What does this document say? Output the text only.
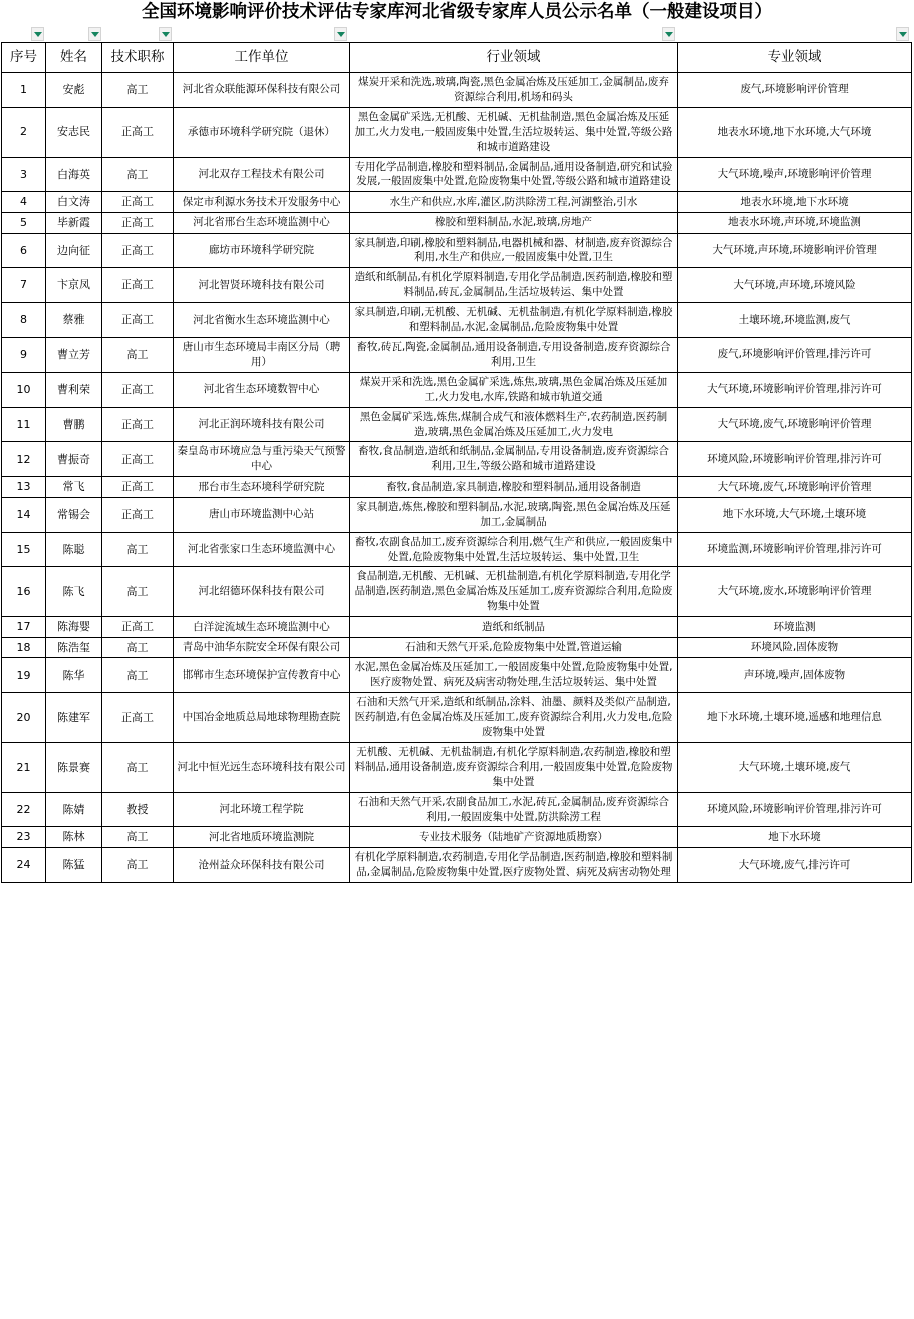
全国环境影响评价技术评估专家库河北省级专家库人员公示名单（一般建设项目）
序号	姓名	技术职称	工作单位	行业领域	专业领域
1	安彪	高工	河北省众联能源环保科技有限公司	煤炭开采和洗选,玻璃,陶瓷,黑色金属冶炼及压延加工,金属制品,废弃资源综合利用,机场和码头	废气,环境影响评价管理
2	安志民	正高工	承德市环境科学研究院（退休）	黑色金属矿采选,无机酸、无机碱、无机盐制造,黑色金属冶炼及压延加工,火力发电,一般固废集中处置,生活垃圾转运、集中处置,等级公路和城市道路建设	地表水环境,地下水环境,大气环境
3	白海英	高工	河北双存工程技术有限公司	专用化学品制造,橡胶和塑料制品,金属制品,通用设备制造,研究和试验发展,一般固废集中处置,危险废物集中处置,等级公路和城市道路建设	大气环境,噪声,环境影响评价管理
4	白文涛	正高工	保定市利源水务技术开发服务中心	水生产和供应,水库,灌区,防洪除涝工程,河湖整治,引水	地表水环境,地下水环境
5	毕新霞	正高工	河北省邢台生态环境监测中心	橡胶和塑料制品,水泥,玻璃,房地产	地表水环境,声环境,环境监测
6	边向征	正高工	廊坊市环境科学研究院	家具制造,印刷,橡胶和塑料制品,电器机械和器、材制造,废弃资源综合利用,水生产和供应,一般固废集中处置,卫生	大气环境,声环境,环境影响评价管理
7	卞京凤	正高工	河北智贤环境科技有限公司	造纸和纸制品,有机化学原料制造,专用化学品制造,医药制造,橡胶和塑料制品,砖瓦,金属制品,生活垃圾转运、集中处置	大气环境,声环境,环境风险
8	蔡雅	正高工	河北省衡水生态环境监测中心	家具制造,印刷,无机酸、无机碱、无机盐制造,有机化学原料制造,橡胶和塑料制品,水泥,金属制品,危险废物集中处置	土壤环境,环境监测,废气
9	曹立芳	高工	唐山市生态环境局丰南区分局（聘用）	畜牧,砖瓦,陶瓷,金属制品,通用设备制造,专用设备制造,废弃资源综合利用,卫生	废气,环境影响评价管理,排污许可
10	曹利荣	正高工	河北省生态环境数智中心	煤炭开采和洗选,黑色金属矿采选,炼焦,玻璃,黑色金属冶炼及压延加工,火力发电,水库,铁路和城市轨道交通	大气环境,环境影响评价管理,排污许可
11	曹鹏	正高工	河北正润环境科技有限公司	黑色金属矿采选,炼焦,煤制合成气和液体燃料生产,农药制造,医药制造,玻璃,黑色金属冶炼及压延加工,火力发电	大气环境,废气,环境影响评价管理
12	曹振奇	正高工	秦皇岛市环境应急与重污染天气预警中心	畜牧,食品制造,造纸和纸制品,金属制品,专用设备制造,废弃资源综合利用,卫生,等级公路和城市道路建设	环境风险,环境影响评价管理,排污许可
13	常飞	正高工	邢台市生态环境科学研究院	畜牧,食品制造,家具制造,橡胶和塑料制品,通用设备制造	大气环境,废气,环境影响评价管理
14	常锡会	正高工	唐山市环境监测中心站	家具制造,炼焦,橡胶和塑料制品,水泥,玻璃,陶瓷,黑色金属冶炼及压延加工,金属制品	地下水环境,大气环境,土壤环境
15	陈聪	高工	河北省张家口生态环境监测中心	畜牧,农副食品加工,废弃资源综合利用,燃气生产和供应,一般固废集中处置,危险废物集中处置,生活垃圾转运、集中处置,卫生	环境监测,环境影响评价管理,排污许可
16	陈飞	高工	河北绍德环保科技有限公司	食品制造,无机酸、无机碱、无机盐制造,有机化学原料制造,专用化学品制造,医药制造,黑色金属冶炼及压延加工,废弃资源综合利用,危险废物集中处置	大气环境,废水,环境影响评价管理
17	陈海婴	正高工	白洋淀流域生态环境监测中心	造纸和纸制品	环境监测
18	陈浩玺	高工	青岛中油华东院安全环保有限公司	石油和天然气开采,危险废物集中处置,管道运输	环境风险,固体废物
19	陈华	高工	邯郸市生态环境保护宣传教育中心	水泥,黑色金属冶炼及压延加工,一般固废集中处置,危险废物集中处置,医疗废物处置、病死及病害动物处理,生活垃圾转运、集中处置	声环境,噪声,固体废物
20	陈建军	正高工	中国冶金地质总局地球物理勘查院	石油和天然气开采,造纸和纸制品,涂料、油墨、颜料及类似产品制造,医药制造,有色金属冶炼及压延加工,废弃资源综合利用,火力发电,危险废物集中处置	地下水环境,土壤环境,遥感和地理信息
21	陈景赛	高工	河北中恒光远生态环境科技有限公司	无机酸、无机碱、无机盐制造,有机化学原料制造,农药制造,橡胶和塑料制品,通用设备制造,废弃资源综合利用,一般固废集中处置,危险废物集中处置	大气环境,土壤环境,废气
22	陈婧	教授	河北环境工程学院	石油和天然气开采,农副食品加工,水泥,砖瓦,金属制品,废弃资源综合利用,一般固废集中处置,防洪除涝工程	环境风险,环境影响评价管理,排污许可
23	陈林	高工	河北省地质环境监测院	专业技术服务（陆地矿产资源地质勘察）	地下水环境
24	陈猛	高工	沧州益众环保科技有限公司	有机化学原料制造,农药制造,专用化学品制造,医药制造,橡胶和塑料制品,金属制品,危险废物集中处置,医疗废物处置、病死及病害动物处理	大气环境,废气,排污许可
